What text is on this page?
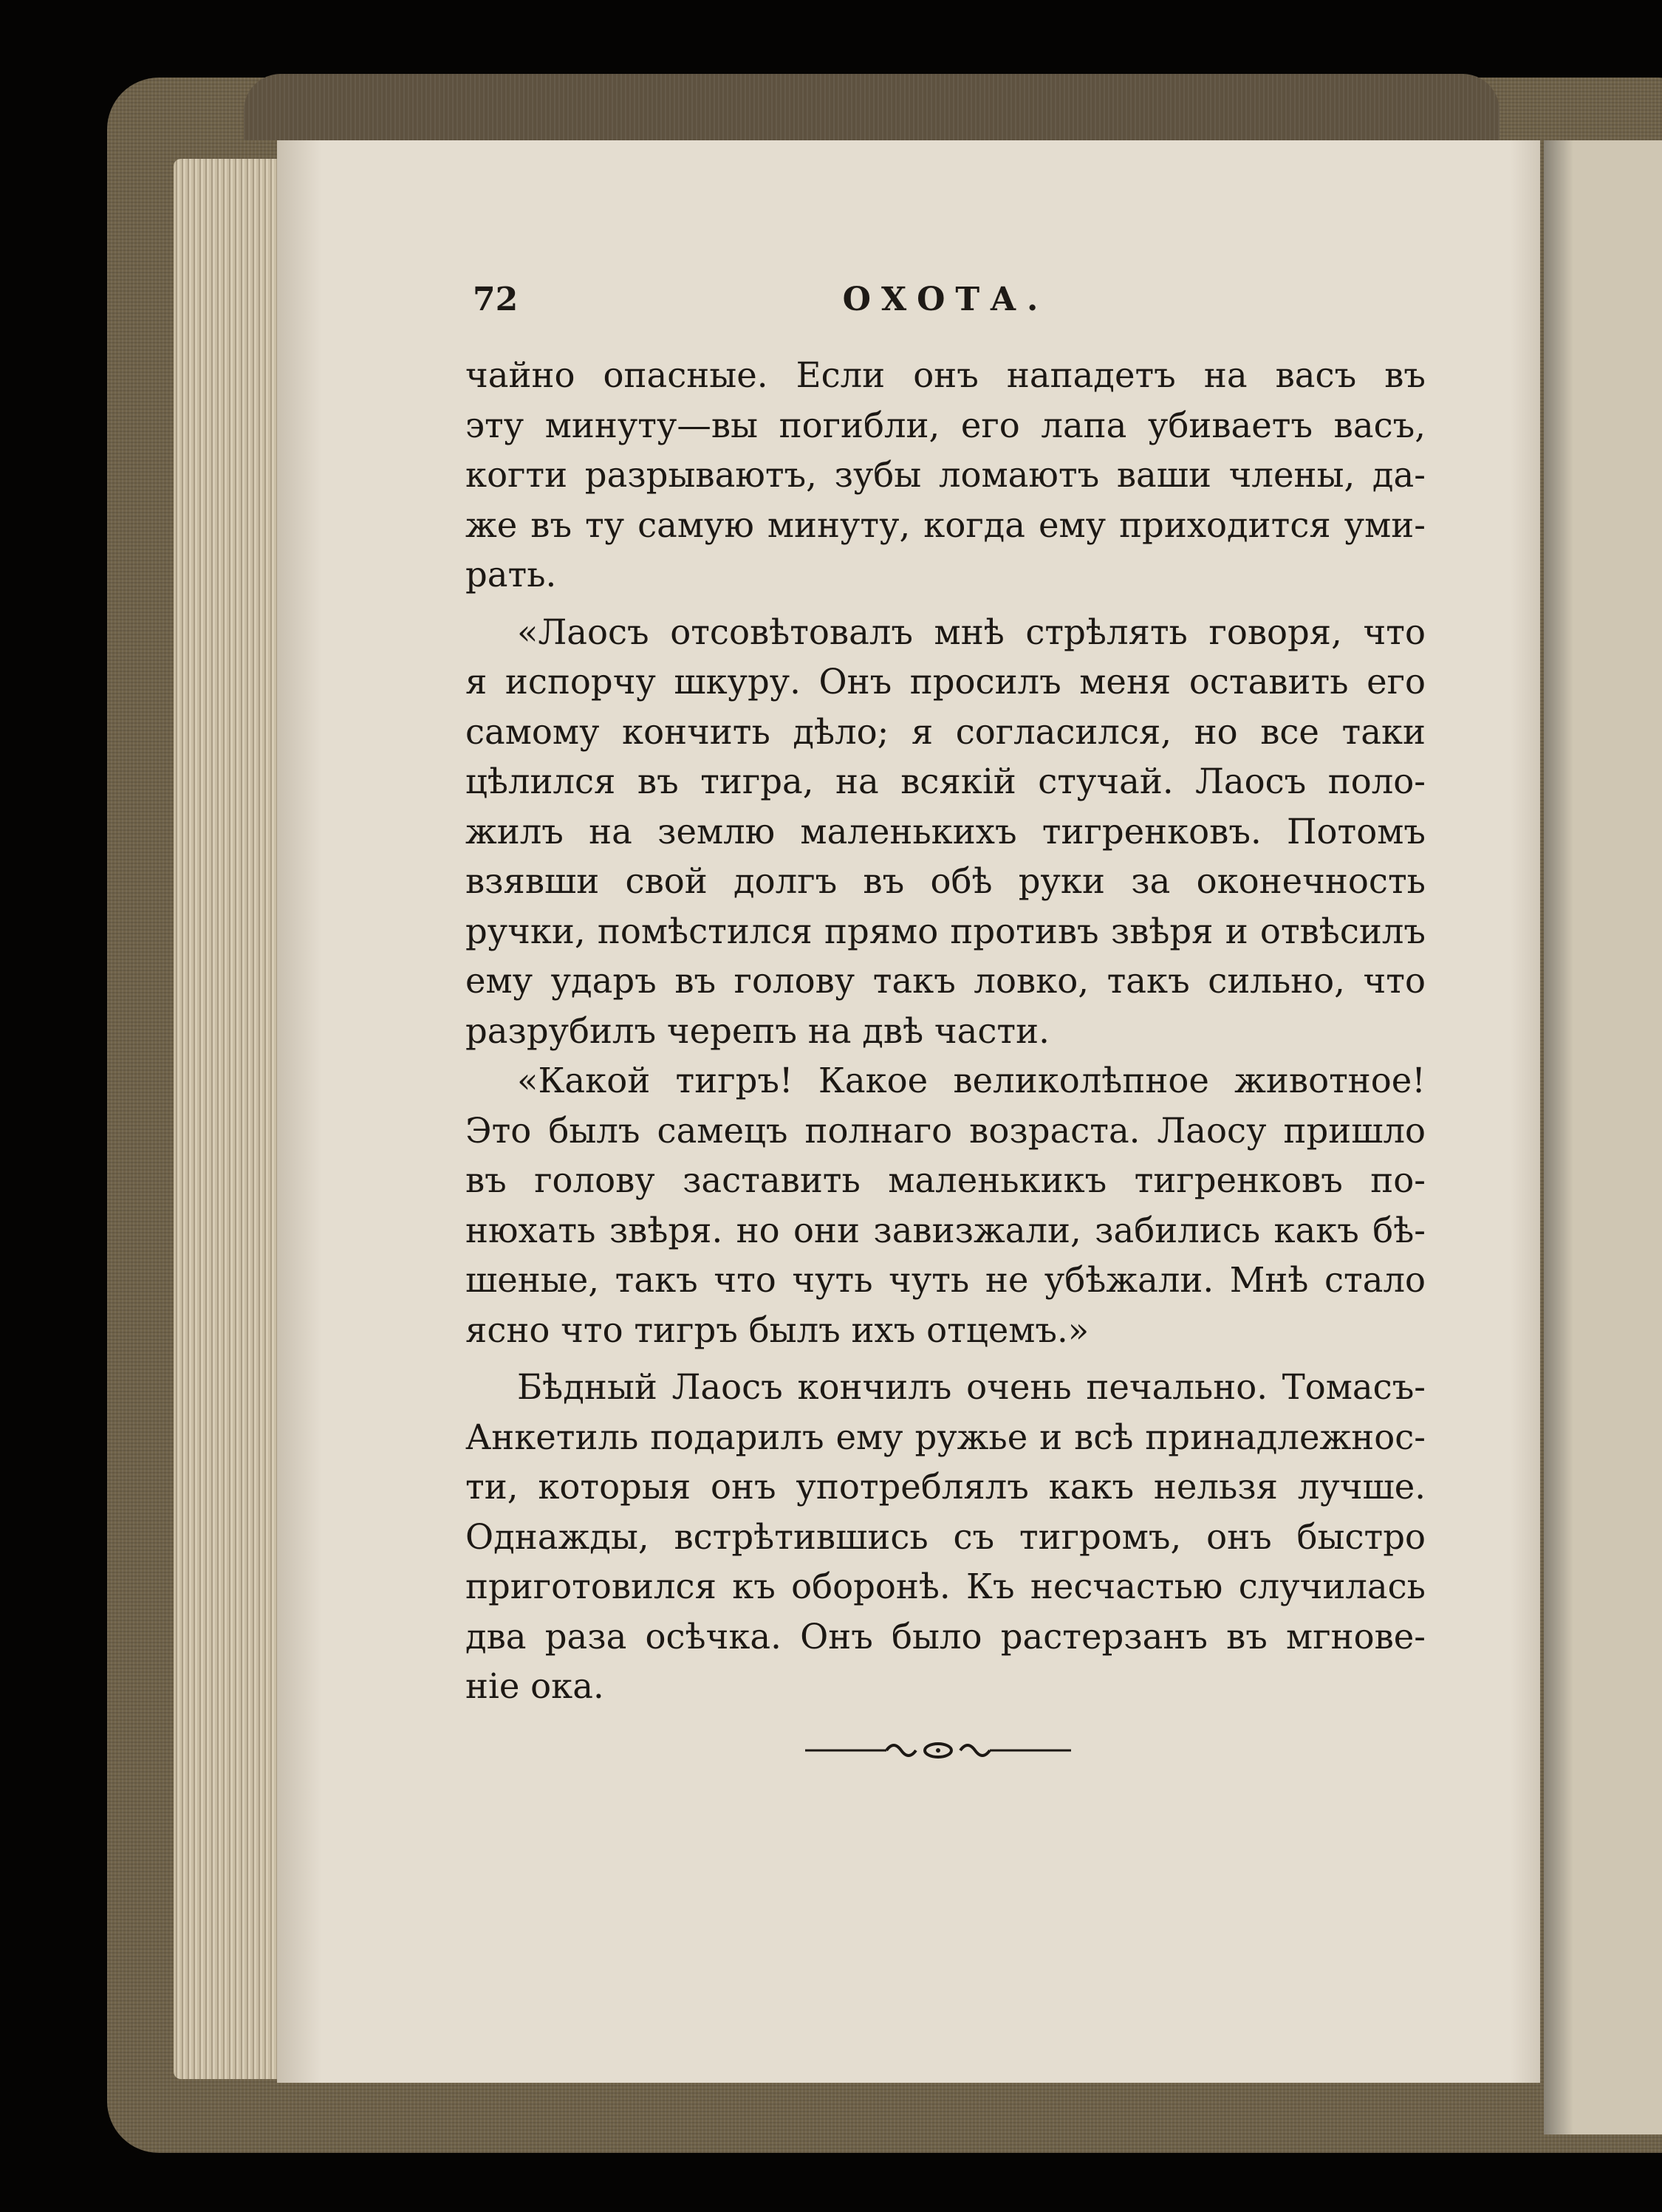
72	ОХОТА.
чайно опасные. Если онъ нападетъ на васъ въ
эту минуту—вы погибли, его лапа убиваетъ васъ,
когти разрываютъ, зубы ломаютъ ваши члены, да-
же въ ту самую минуту, когда ему приходится уми-
рать.
«Лаосъ отсовѣтовалъ мнѣ стрѣлять говоря, что
я испорчу шкуру. Онъ просилъ меня оставить его
самому кончить дѣло; я согласился, но все таки
цѣлился въ тигра, на всякій стучай. Лаосъ поло-
жилъ на землю маленькихъ тигренковъ. Потомъ
взявши свой долгъ въ обѣ руки за оконечность
ручки, помѣстился прямо противъ звѣря и отвѣсилъ
ему ударъ въ голову такъ ловко, такъ сильно, что
разрубилъ черепъ на двѣ части.
«Какой тигръ! Какое великолѣпное животное!
Это былъ самецъ полнаго возраста. Лаосу пришло
въ голову заставить маленькикъ тигренковъ по-
нюхать звѣря. но они завизжали, забились какъ бѣ-
шеные, такъ что чуть чуть не убѣжали. Мнѣ стало
ясно что тигръ былъ ихъ отцемъ.»
Бѣдный Лаосъ кончилъ очень печально. Томасъ-
Анкетиль подарилъ ему ружье и всѣ принадлежнос-
ти, которыя онъ употреблялъ какъ нельзя лучше.
Однажды, встрѣтившись съ тигромъ, онъ быстро
приготовился къ оборонѣ. Къ несчастью случилась
два раза осѣчка. Онъ было растерзанъ въ мгнове-
ніе ока.
